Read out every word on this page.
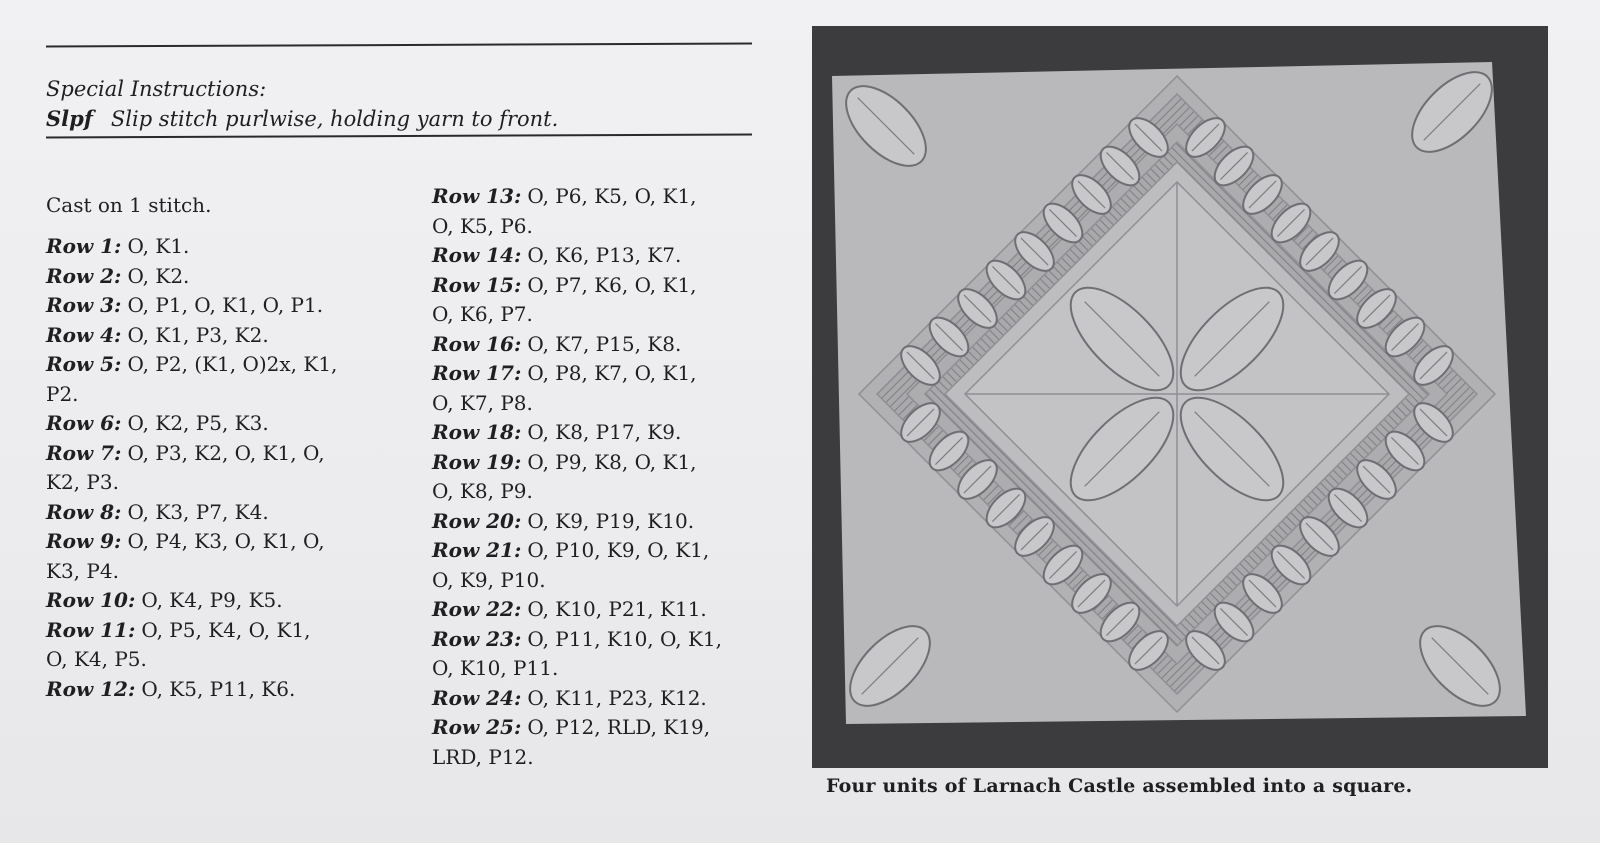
Special Instructions:
Slpf Slip stitch purlwise, holding yarn to front.
Cast on 1 stitch.
Row 1: O, K1.
Row 2: O, K2.
Row 3: O, P1, O, K1, O, P1.
Row 4: O, K1, P3, K2.
Row 5: O, P2, (K1, O)2x, K1,
P2.
Row 6: O, K2, P5, K3.
Row 7: O, P3, K2, O, K1, O,
K2, P3.
Row 8: O, K3, P7, K4.
Row 9: O, P4, K3, O, K1, O,
K3, P4.
Row 10: O, K4, P9, K5.
Row 11: O, P5, K4, O, K1,
O, K4, P5.
Row 12: O, K5, P11, K6.
Row 13: O, P6, K5, O, K1,
O, K5, P6.
Row 14: O, K6, P13, K7.
Row 15: O, P7, K6, O, K1,
O, K6, P7.
Row 16: O, K7, P15, K8.
Row 17: O, P8, K7, O, K1,
O, K7, P8.
Row 18: O, K8, P17, K9.
Row 19: O, P9, K8, O, K1,
O, K8, P9.
Row 20: O, K9, P19, K10.
Row 21: O, P10, K9, O, K1,
O, K9, P10.
Row 22: O, K10, P21, K11.
Row 23: O, P11, K10, O, K1,
O, K10, P11.
Row 24: O, K11, P23, K12.
Row 25: O, P12, RLD, K19,
LRD, P12.
Four units of Larnach Castle assembled into a square.
